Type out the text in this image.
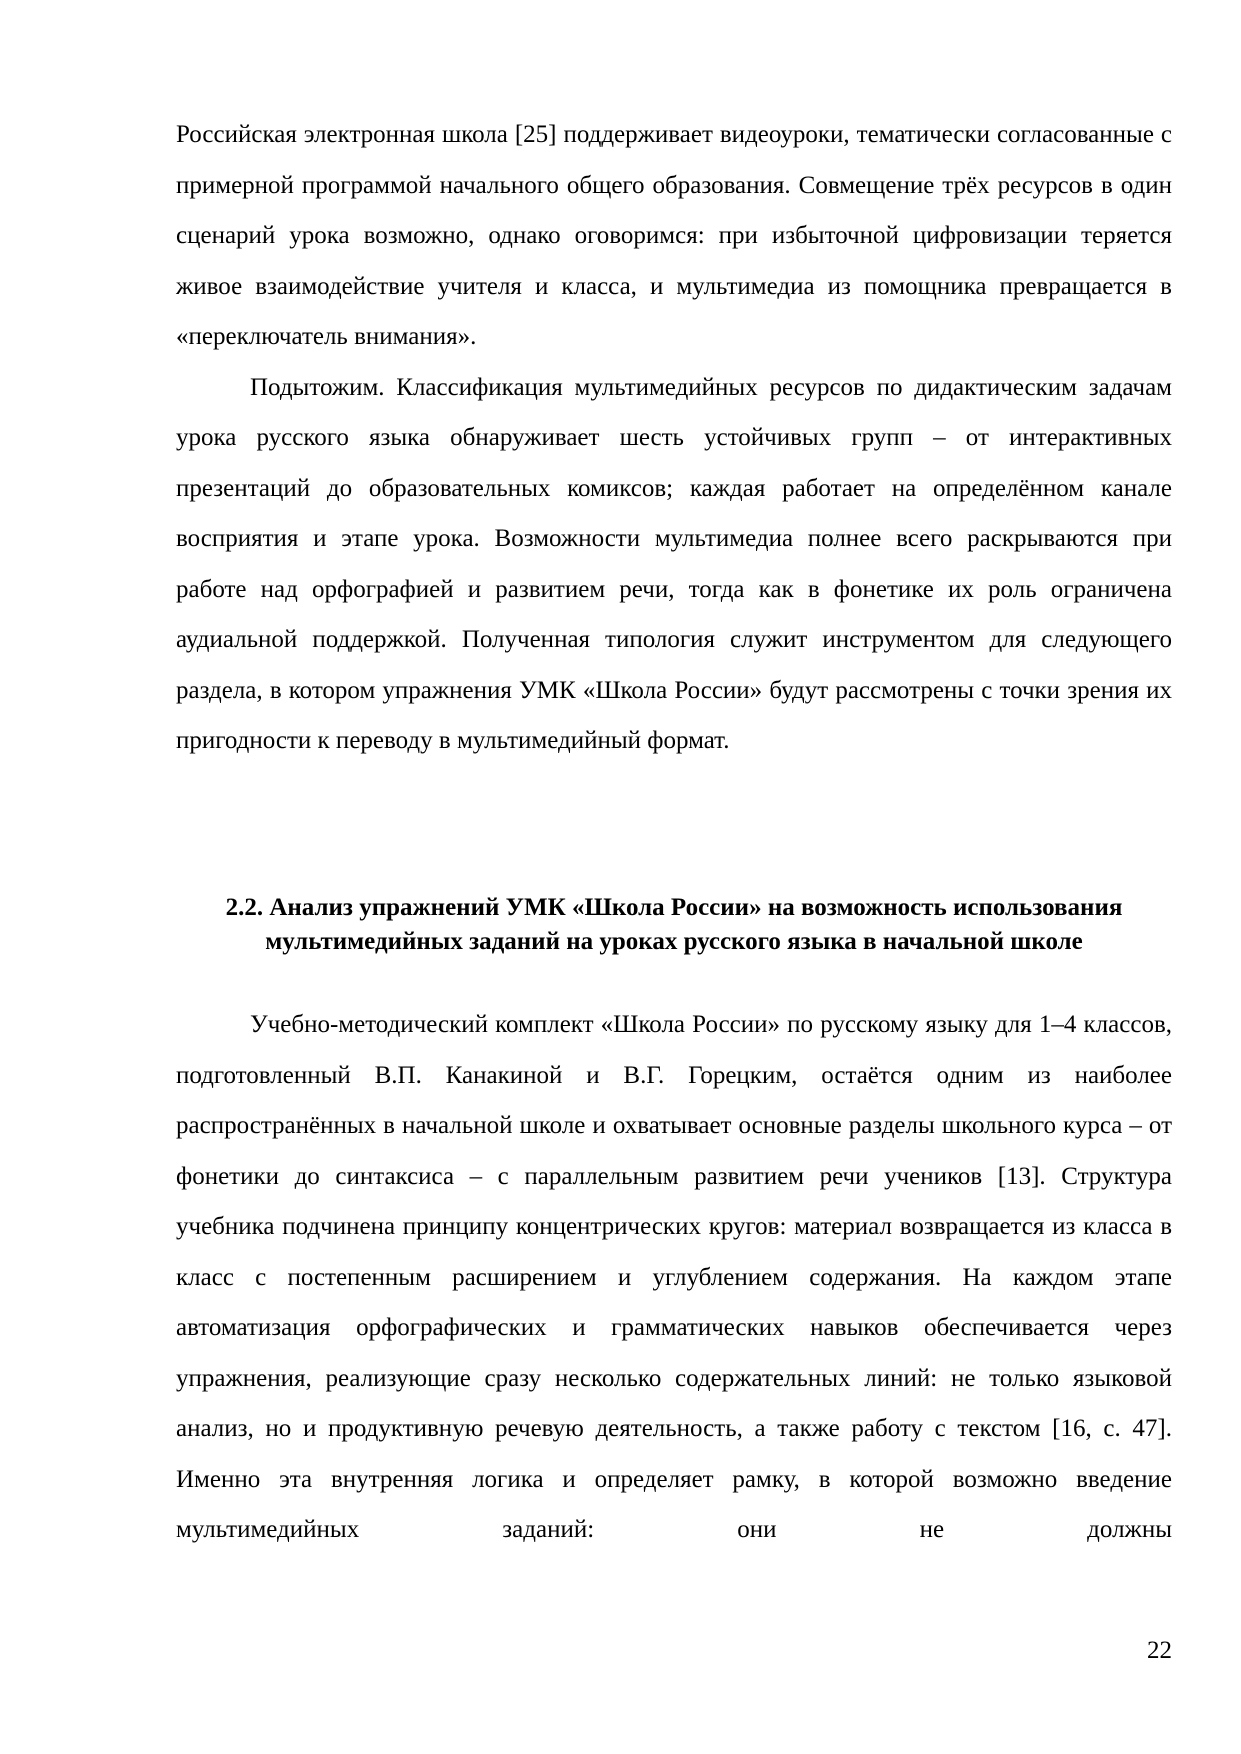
Российская электронная школа [25] поддерживает видеоуроки, тематически согласованные с примерной программой начального общего образования. Совмещение трёх ресурсов в один сценарий урока возможно, однако оговоримся: при избыточной цифровизации теряется живое взаимодействие учителя и класса, и мультимедиа из помощника превращается в «переключатель внимания».

Подытожим. Классификация мультимедийных ресурсов по дидактическим задачам урока русского языка обнаруживает шесть устойчивых групп – от интерактивных презентаций до образовательных комиксов; каждая работает на определённом канале восприятия и этапе урока. Возможности мультимедиа полнее всего раскрываются при работе над орфографией и развитием речи, тогда как в фонетике их роль ограничена аудиальной поддержкой. Полученная типология служит инструментом для следующего раздела, в котором упражнения УМК «Школа России» будут рассмотрены с точки зрения их пригодности к переводу в мультимедийный формат.

2.2. Анализ упражнений УМК «Школа России» на возможность использования мультимедийных заданий на уроках русского языка в начальной школе

Учебно-методический комплект «Школа России» по русскому языку для 1–4 классов, подготовленный В.П. Канакиной и В.Г. Горецким, остаётся одним из наиболее распространённых в начальной школе и охватывает основные разделы школьного курса – от фонетики до синтаксиса – с параллельным развитием речи учеников [13]. Структура учебника подчинена принципу концентрических кругов: материал возвращается из класса в класс с постепенным расширением и углублением содержания. На каждом этапе автоматизация орфографических и грамматических навыков обеспечивается через упражнения, реализующие сразу несколько содержательных линий: не только языковой анализ, но и продуктивную речевую деятельность, а также работу с текстом [16, с. 47]. Именно эта внутренняя логика и определяет рамку, в которой возможно введение мультимедийных заданий: они не должны

22
